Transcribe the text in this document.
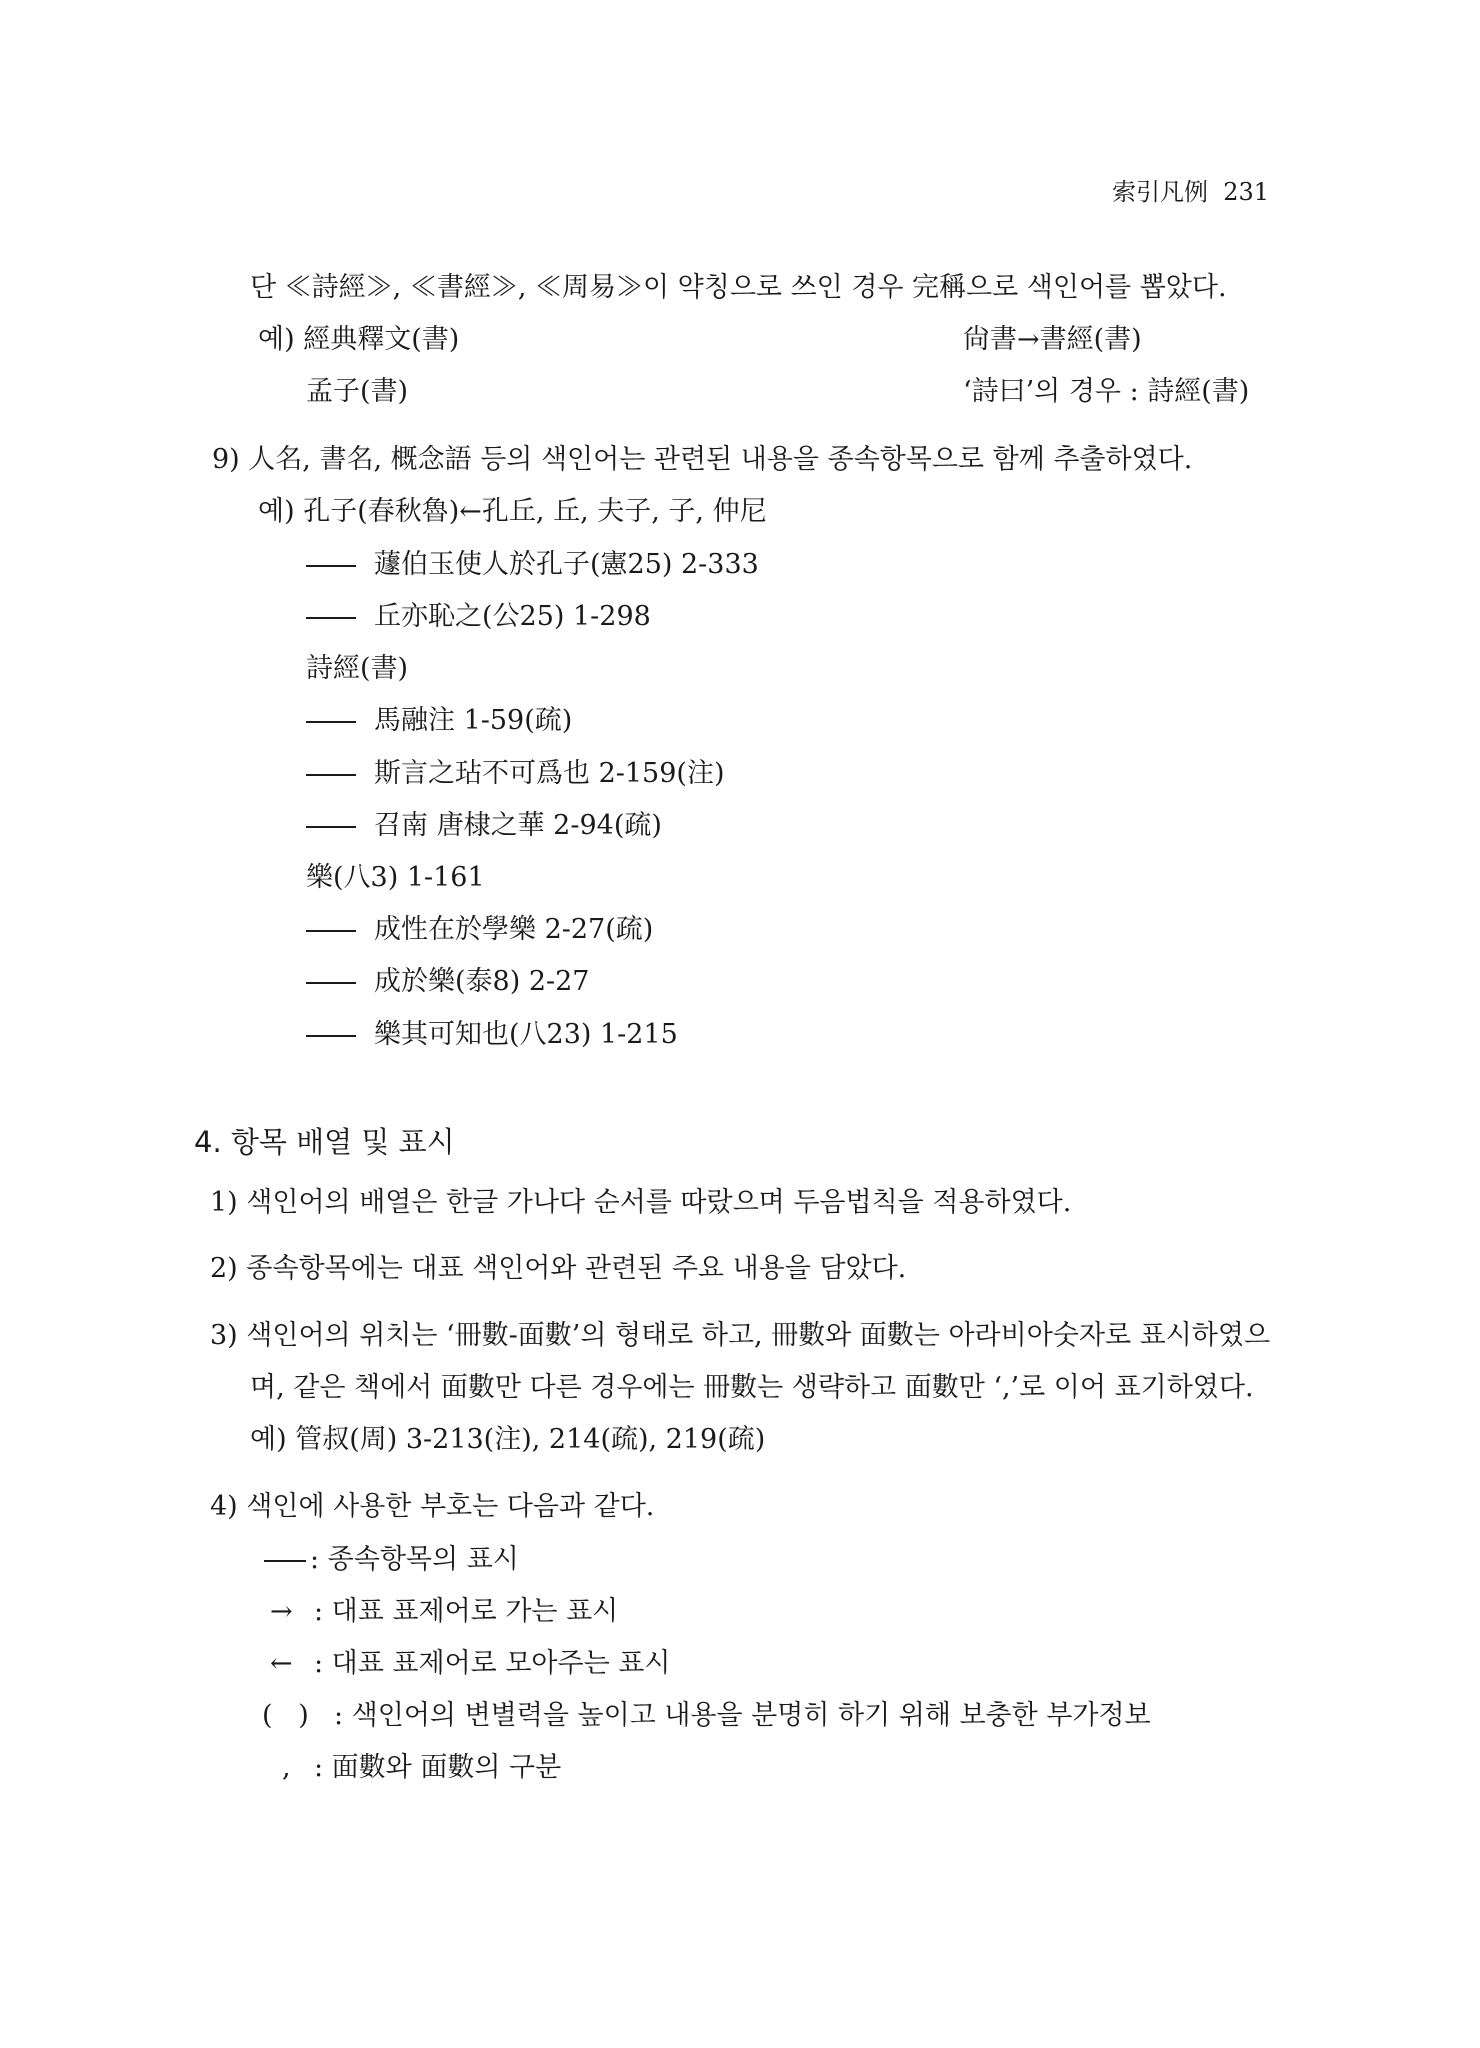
索引凡例 231
단 ≪詩經≫, ≪書經≫, ≪周易≫이 약칭으로 쓰인 경우 完稱으로 색인어를 뽑았다.
예) 經典釋文(書)	尙書→書經(書)
孟子(書)	‘詩曰’의 경우 : 詩經(書)
9) 人名, 書名, 概念語 등의 색인어는 관련된 내용을 종속항목으로 함께 추출하였다.
예) 孔子(春秋魯)←孔丘, 丘, 夫子, 子, 仲尼
蘧伯玉使人於孔子(憲25) 2-333
丘亦恥之(公25) 1-298
詩經(書)
馬融注 1-59(疏)
斯言之玷不可爲也 2-159(注)
召南 唐棣之華 2-94(疏)
樂(八3) 1-161
成性在於學樂 2-27(疏)
成於樂(泰8) 2-27
樂其可知也(八23) 1-215
4. 항목 배열 및 표시
1) 색인어의 배열은 한글 가나다 순서를 따랐으며 두음법칙을 적용하였다.
2) 종속항목에는 대표 색인어와 관련된 주요 내용을 담았다.
3) 색인어의 위치는 ‘冊數-面數’의 형태로 하고, 冊數와 面數는 아라비아숫자로 표시하였으
며, 같은 책에서 面數만 다른 경우에는 冊數는 생략하고 面數만 ‘,’로 이어 표기하였다.
예) 管叔(周) 3-213(注), 214(疏), 219(疏)
4) 색인에 사용한 부호는 다음과 같다.
: 종속항목의 표시
→ : 대표 표제어로 가는 표시
← : 대표 표제어로 모아주는 표시
(   ) : 색인어의 변별력을 높이고 내용을 분명히 하기 위해 보충한 부가정보
, : 面數와 面數의 구분
